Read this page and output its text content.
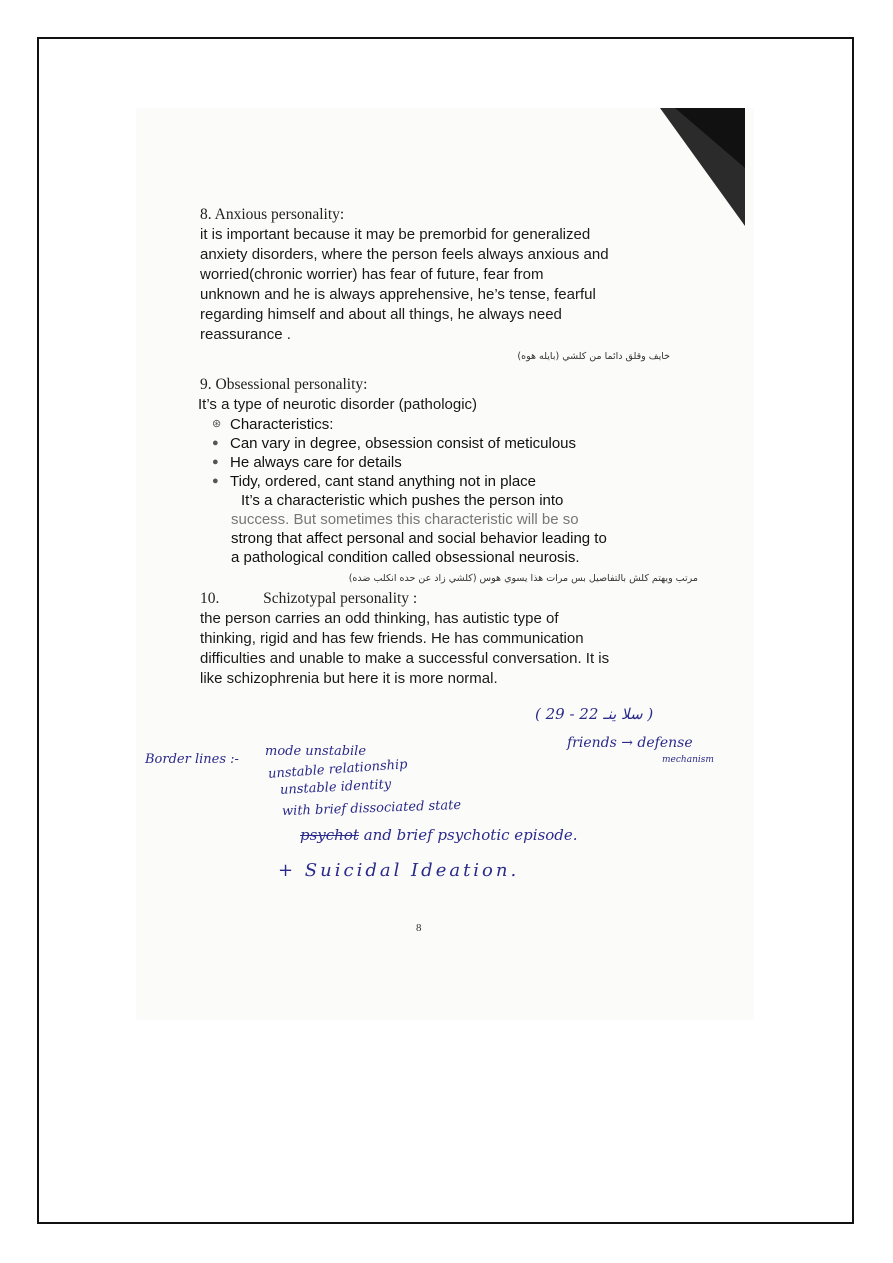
8. Anxious personality:

it is important because it may be premorbid for generalized

anxiety disorders, where the person feels always anxious and

worried(chronic worrier) has fear of future, fear from

unknown and he is always apprehensive, he’s tense, fearful

regarding himself and about all things, he always need

reassurance .

خايف وقلق دائما من كلشي (بايله هوه)

9. Obsessional personality:

It’s a type of neurotic disorder (pathologic)

⊛ Characteristics:
● Can vary in degree, obsession consist of meticulous
● He always care for details
● Tidy, ordered, cant stand anything not in place

It’s a characteristic which pushes the person into

success. But sometimes this characteristic will be so

strong that affect personal and social behavior leading to

a pathological condition called obsessional neurosis.

مرتب ويهتم كلش بالتفاصيل بس مرات هذا يسوي هوس (كلشي زاد عن حده انكلب ضده)

10.	Schizotypal personality :

the person carries an odd thinking, has autistic type of

thinking, rigid and has few friends. He has communication

difficulties and unable to make a successful conversation. It is

like schizophrenia but here it is more normal.

( 29 - 22 سلا ينـ )
friends → defense
mechanism
Border lines :-
mode unstabile
unstable relationship
unstable identity
with brief dissociated state
psychot and brief psychotic episode.
+ Suicidal Ideation.
8
